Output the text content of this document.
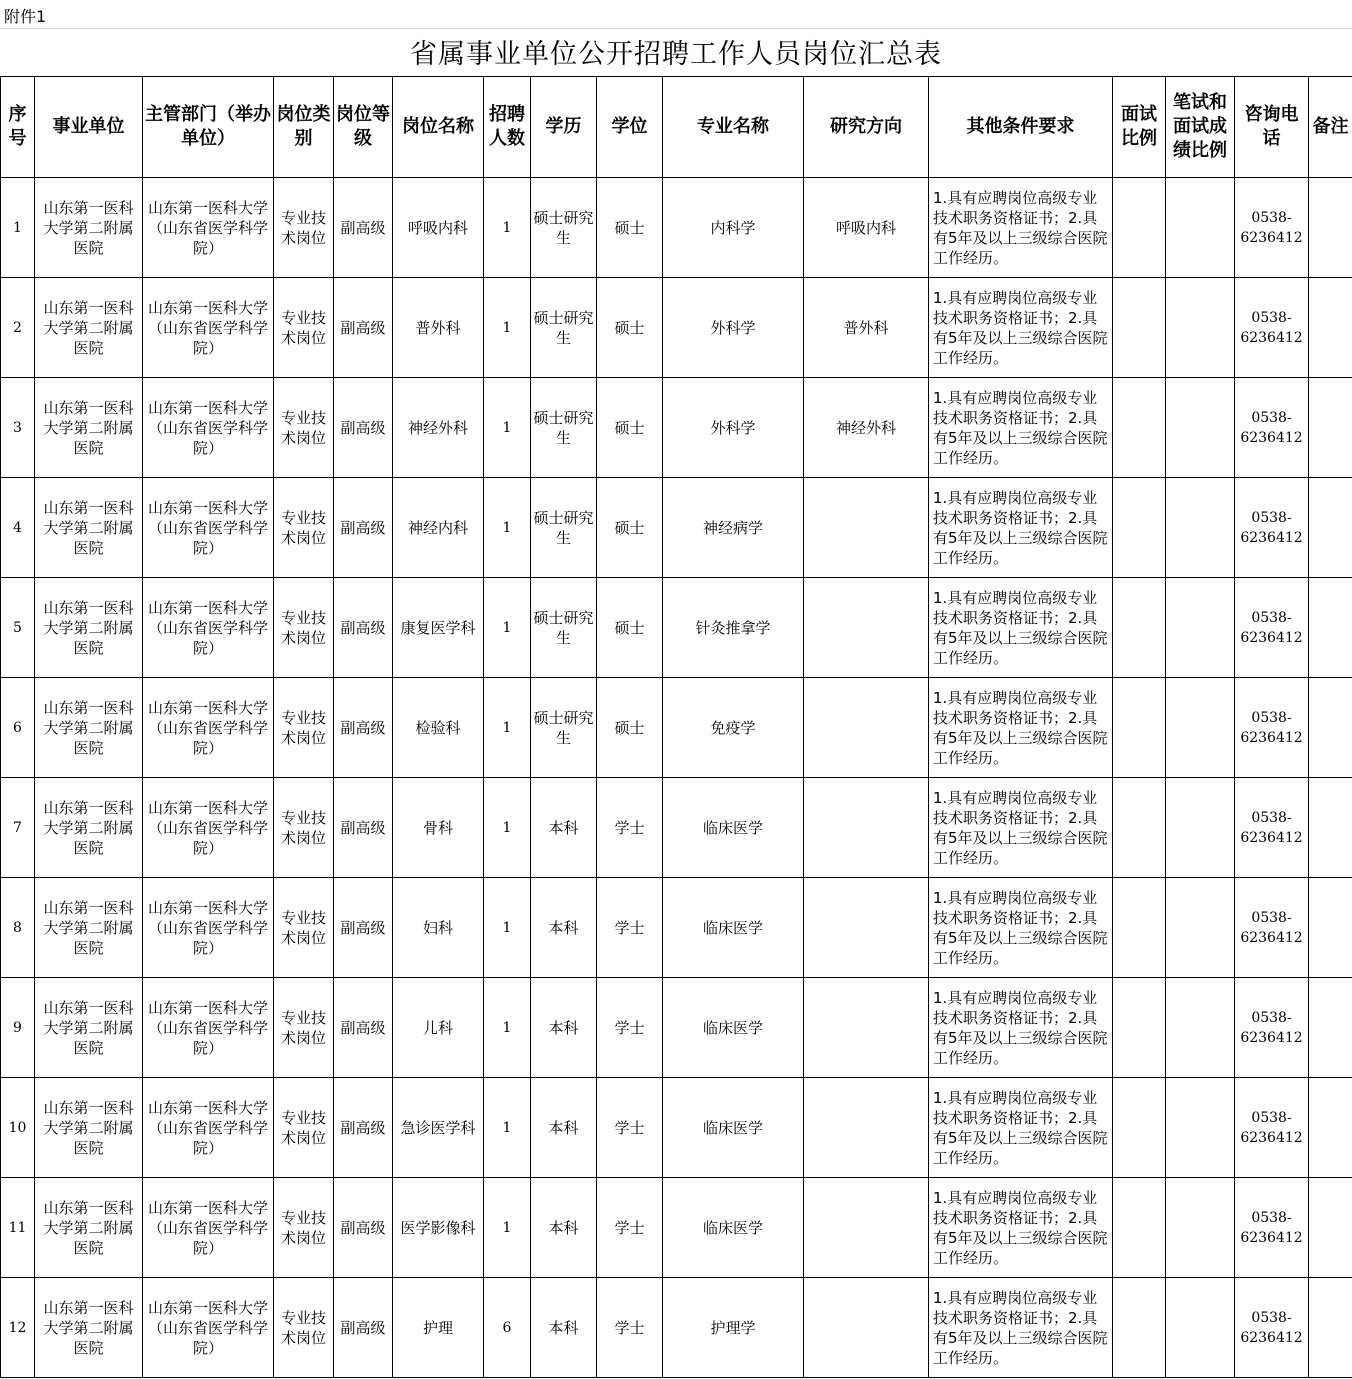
附件1
省属事业单位公开招聘工作人员岗位汇总表
序号	事业单位	主管部门（举办单位）	岗位类别	岗位等级	岗位名称	招聘人数	学历	学位	专业名称	研究方向	其他条件要求	面试比例	笔试和面试成绩比例	咨询电话	备注
1	山东第一医科大学第二附属医院	山东第一医科大学（山东省医学科学院）	专业技术岗位	副高级	呼吸内科	1	硕士研究生	硕士	内科学	呼吸内科	1.具有应聘岗位高级专业技术职务资格证书；2.具有5年及以上三级综合医院工作经历。			0538-6236412	
2	山东第一医科大学第二附属医院	山东第一医科大学（山东省医学科学院）	专业技术岗位	副高级	普外科	1	硕士研究生	硕士	外科学	普外科	1.具有应聘岗位高级专业技术职务资格证书；2.具有5年及以上三级综合医院工作经历。			0538-6236412	
3	山东第一医科大学第二附属医院	山东第一医科大学（山东省医学科学院）	专业技术岗位	副高级	神经外科	1	硕士研究生	硕士	外科学	神经外科	1.具有应聘岗位高级专业技术职务资格证书；2.具有5年及以上三级综合医院工作经历。			0538-6236412	
4	山东第一医科大学第二附属医院	山东第一医科大学（山东省医学科学院）	专业技术岗位	副高级	神经内科	1	硕士研究生	硕士	神经病学		1.具有应聘岗位高级专业技术职务资格证书；2.具有5年及以上三级综合医院工作经历。			0538-6236412	
5	山东第一医科大学第二附属医院	山东第一医科大学（山东省医学科学院）	专业技术岗位	副高级	康复医学科	1	硕士研究生	硕士	针灸推拿学		1.具有应聘岗位高级专业技术职务资格证书；2.具有5年及以上三级综合医院工作经历。			0538-6236412	
6	山东第一医科大学第二附属医院	山东第一医科大学（山东省医学科学院）	专业技术岗位	副高级	检验科	1	硕士研究生	硕士	免疫学		1.具有应聘岗位高级专业技术职务资格证书；2.具有5年及以上三级综合医院工作经历。			0538-6236412	
7	山东第一医科大学第二附属医院	山东第一医科大学（山东省医学科学院）	专业技术岗位	副高级	骨科	1	本科	学士	临床医学		1.具有应聘岗位高级专业技术职务资格证书；2.具有5年及以上三级综合医院工作经历。			0538-6236412	
8	山东第一医科大学第二附属医院	山东第一医科大学（山东省医学科学院）	专业技术岗位	副高级	妇科	1	本科	学士	临床医学		1.具有应聘岗位高级专业技术职务资格证书；2.具有5年及以上三级综合医院工作经历。			0538-6236412	
9	山东第一医科大学第二附属医院	山东第一医科大学（山东省医学科学院）	专业技术岗位	副高级	儿科	1	本科	学士	临床医学		1.具有应聘岗位高级专业技术职务资格证书；2.具有5年及以上三级综合医院工作经历。			0538-6236412	
10	山东第一医科大学第二附属医院	山东第一医科大学（山东省医学科学院）	专业技术岗位	副高级	急诊医学科	1	本科	学士	临床医学		1.具有应聘岗位高级专业技术职务资格证书；2.具有5年及以上三级综合医院工作经历。			0538-6236412	
11	山东第一医科大学第二附属医院	山东第一医科大学（山东省医学科学院）	专业技术岗位	副高级	医学影像科	1	本科	学士	临床医学		1.具有应聘岗位高级专业技术职务资格证书；2.具有5年及以上三级综合医院工作经历。			0538-6236412	
12	山东第一医科大学第二附属医院	山东第一医科大学（山东省医学科学院）	专业技术岗位	副高级	护理	6	本科	学士	护理学		1.具有应聘岗位高级专业技术职务资格证书；2.具有5年及以上三级综合医院工作经历。			0538-6236412	
